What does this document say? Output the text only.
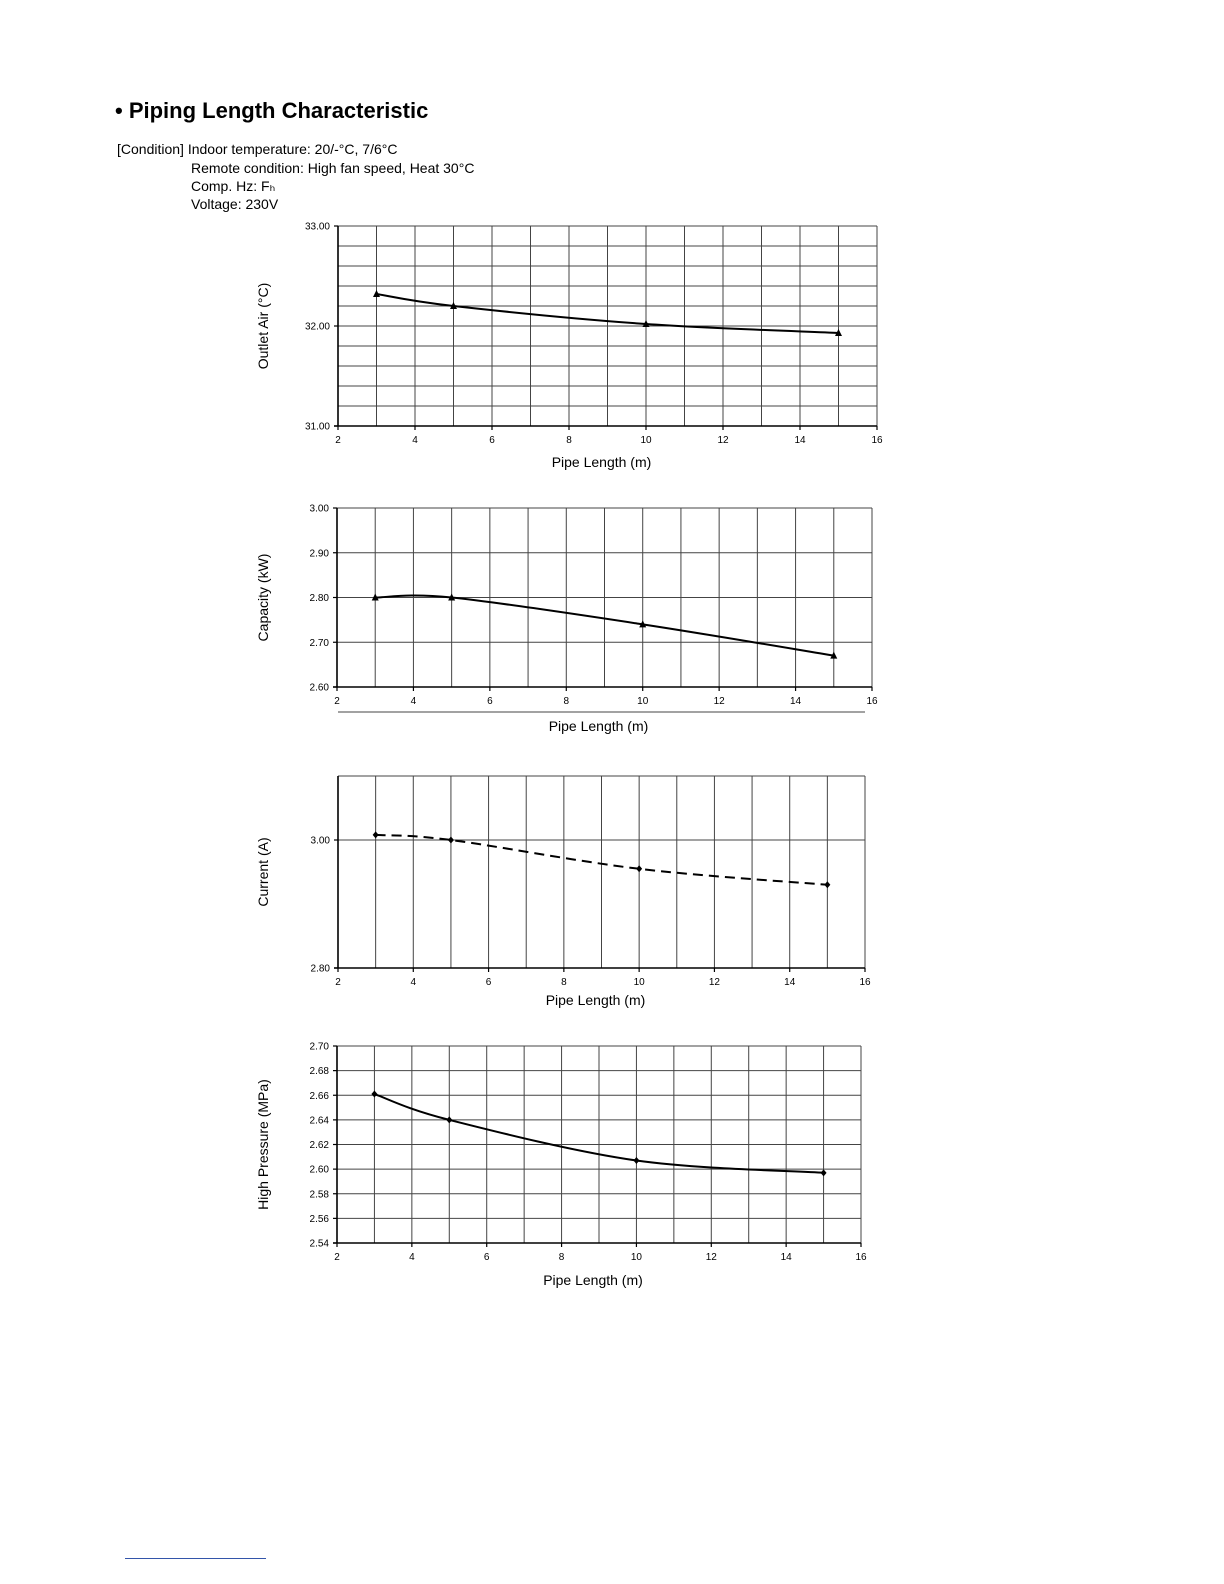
• Piping Length Characteristic
[Condition] Indoor temperature: 20/-°C, 7/6°C
Remote condition: High fan speed, Heat 30°C
Comp. Hz: Fₕ
Voltage: 230V
2	4	6	8	10	12	14	16
31.00
32.00
33.00
Pipe Length (m)
Outlet Air (°C)
2	4	6	8	10	12	14	16
2.60
2.70
2.80
2.90
3.00
Pipe Length (m)
Capacity (kW)
2	4	6	8	10	12	14	16
2.80
3.00
Pipe Length (m)
Current (A)
2	4	6	8	10	12	14	16
2.54
2.56
2.58
2.60
2.62
2.64
2.66
2.68
2.70
Pipe Length (m)
High Pressure (MPa)
